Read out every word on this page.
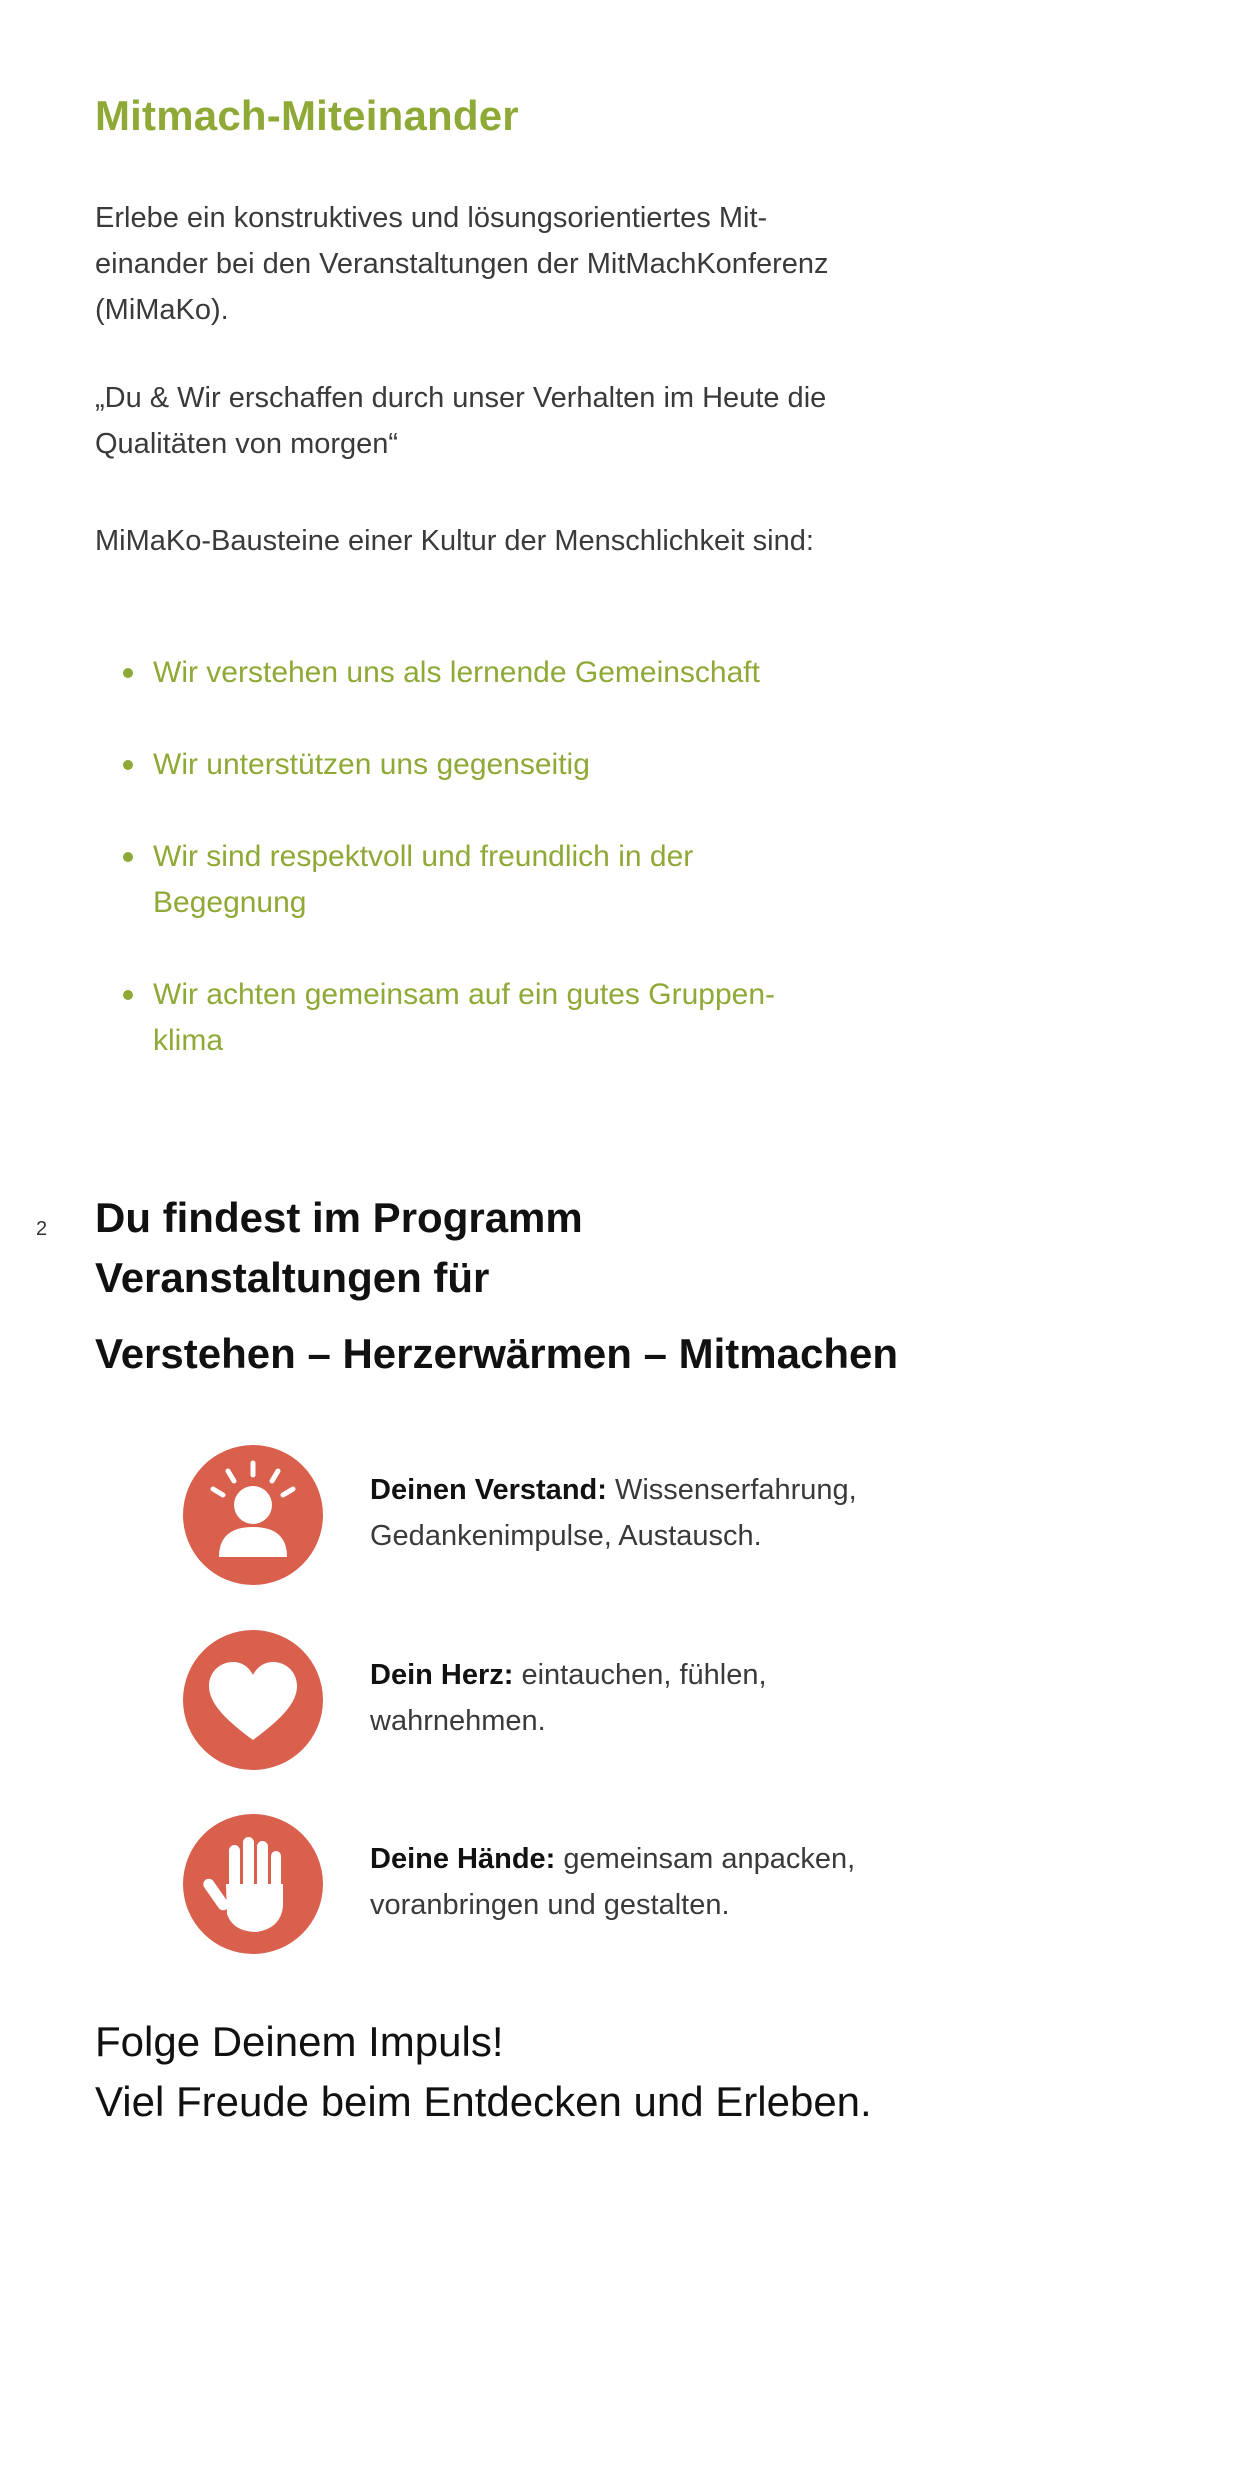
Mitmach-Miteinander

Erlebe ein konstruktives und lösungsorientiertes Mit-
einander bei den Veranstaltungen der MitMachKonferenz
(MiMaKo).

„Du & Wir erschaffen durch unser Verhalten im Heute die
Qualitäten von morgen“

MiMaKo-Bausteine einer Kultur der Menschlichkeit sind:

Wir verstehen uns als lernende Gemeinschaft
Wir unterstützen uns gegenseitig
Wir sind respektvoll und freundlich in der
Begegnung
Wir achten gemeinsam auf ein gutes Gruppen-
klima
2 Du findest im Programm
Veranstaltungen für
Verstehen – Herzerwärmen – Mitmachen
Deinen Verstand: Wissenserfahrung,
Gedankenimpulse, Austausch.
Dein Herz: eintauchen, fühlen,
wahrnehmen.
Deine Hände: gemeinsam anpacken,
voranbringen und gestalten.

Folge Deinem Impuls!
Viel Freude beim Entdecken und Erleben.
